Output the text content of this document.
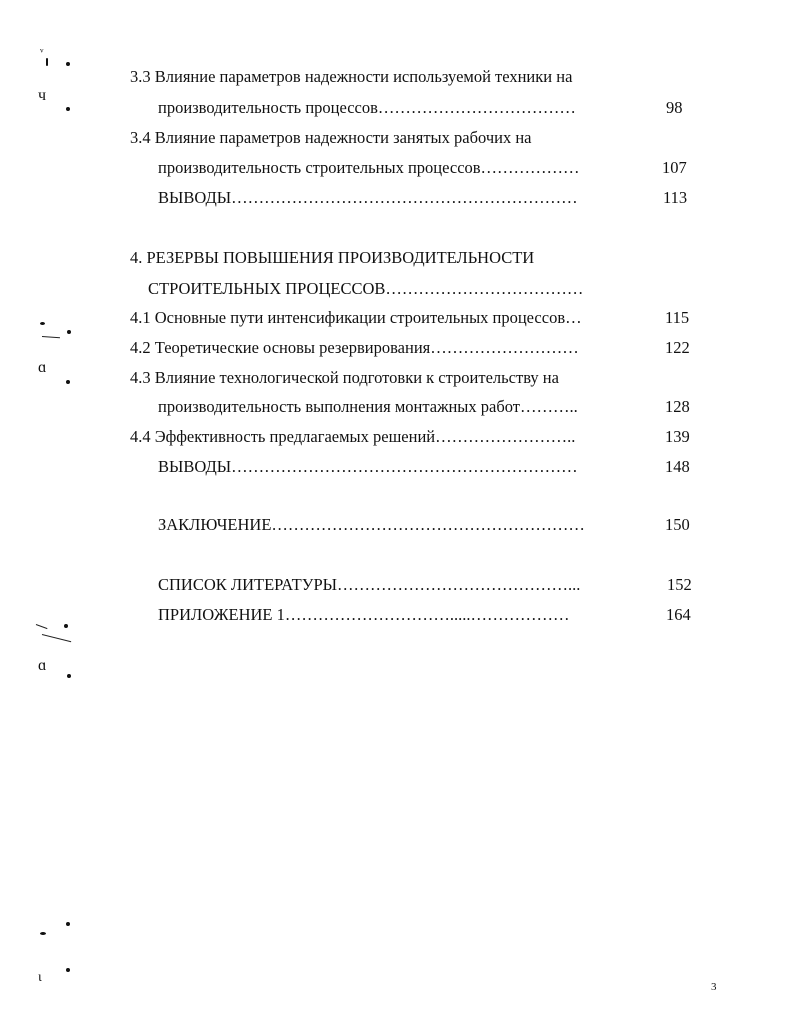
3.3 Влияние параметров надежности используемой техники на
производительность процессов………………………………	98
3.4 Влияние параметров надежности занятых рабочих на
производительность строительных процессов………………	107
ВЫВОДЫ………………………………………………………	113
4. РЕЗЕРВЫ ПОВЫШЕНИЯ ПРОИЗВОДИТЕЛЬНОСТИ
СТРОИТЕЛЬНЫХ ПРОЦЕССОВ………………………………
4.1 Основные пути интенсификации строительных процессов…	115
4.2 Теоретические основы резервирования………………………	122
4.3 Влияние технологической подготовки к строительству на
производительность выполнения монтажных работ………..	128
4.4 Эффективность предлагаемых решений……………………..	139
ВЫВОДЫ………………………………………………………	148
ЗАКЛЮЧЕНИЕ…………………………………………………	150
СПИСОК ЛИТЕРАТУРЫ……………………………………...	152
ПРИЛОЖЕНИЕ 1………………………….....………………	164
3
ᵛ
ч
ɑ
ɑ
ɩ
